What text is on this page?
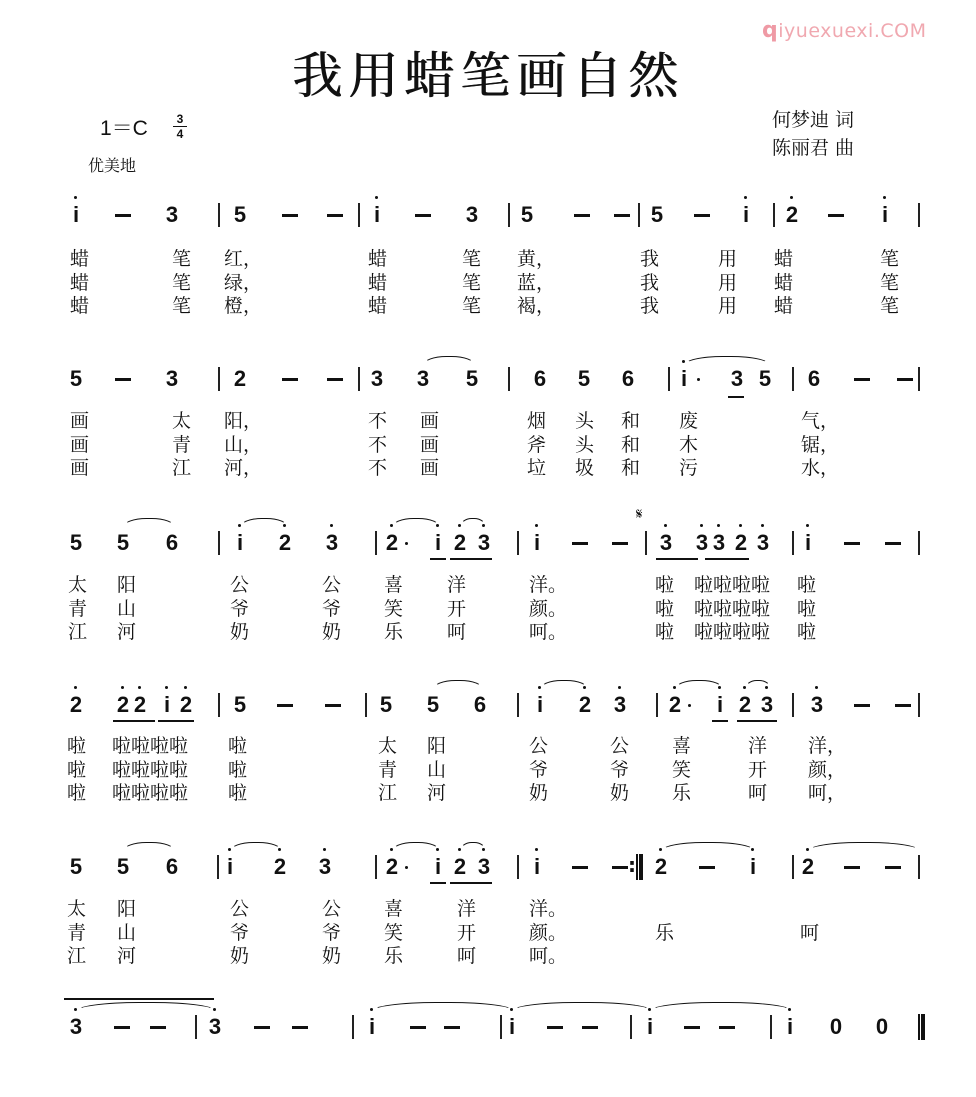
我用蜡笔画自然
qiyuexuexi.COM
1＝C	3
4
优美地
何梦迪 词
陈丽君 曲
i	3	5	i	3 5	5	i 2	i
蜡	笔 红，	蜡	笔 黄，	我	用 蜡	笔
蜡	笔 绿，	蜡	笔 蓝，	我	用 蜡	笔
蜡	笔 橙，	蜡	笔 褐，	我	用 蜡	笔
5	3	2	3 3 5	6 5 6 i 3 5 6
画	太 阳，	不 画	烟 头 和 废	气，
画	青 山，	不 画	斧 头 和 木	锯，
画	江 河，	不 画	垃 圾 和 污	水，
5 5 6	i 2 3 2 i 2 3 i	3 3 3 2 3 i
太 阳	公	公 喜 洋	洋。	啦 啦啦啦啦 啦
青 山	爷	爷 笑 开	颜。	啦 啦啦啦啦 啦
江 河	奶	奶 乐 呵	呵。	啦 啦啦啦啦 啦
2 2 2 i 2 5	5 5 6 i 2 3 2 i 2 3 3
啦 啦啦啦啦 啦	太 阳	公	公 喜	洋 洋，
啦 啦啦啦啦 啦	青 山	爷	爷 笑	开 颜，
啦 啦啦啦啦 啦	江 河	奶	奶 乐	呵 呵，
:
5 5 6 i 2 3 2 i 2 3 i	2	i 2
太 阳	公	公 喜	洋	洋。
青 山	爷	爷 笑	开	颜。	乐	呵
江 河	奶	奶 乐	呵	呵。
3	3	i	i	i	i 0 0
𝄋
